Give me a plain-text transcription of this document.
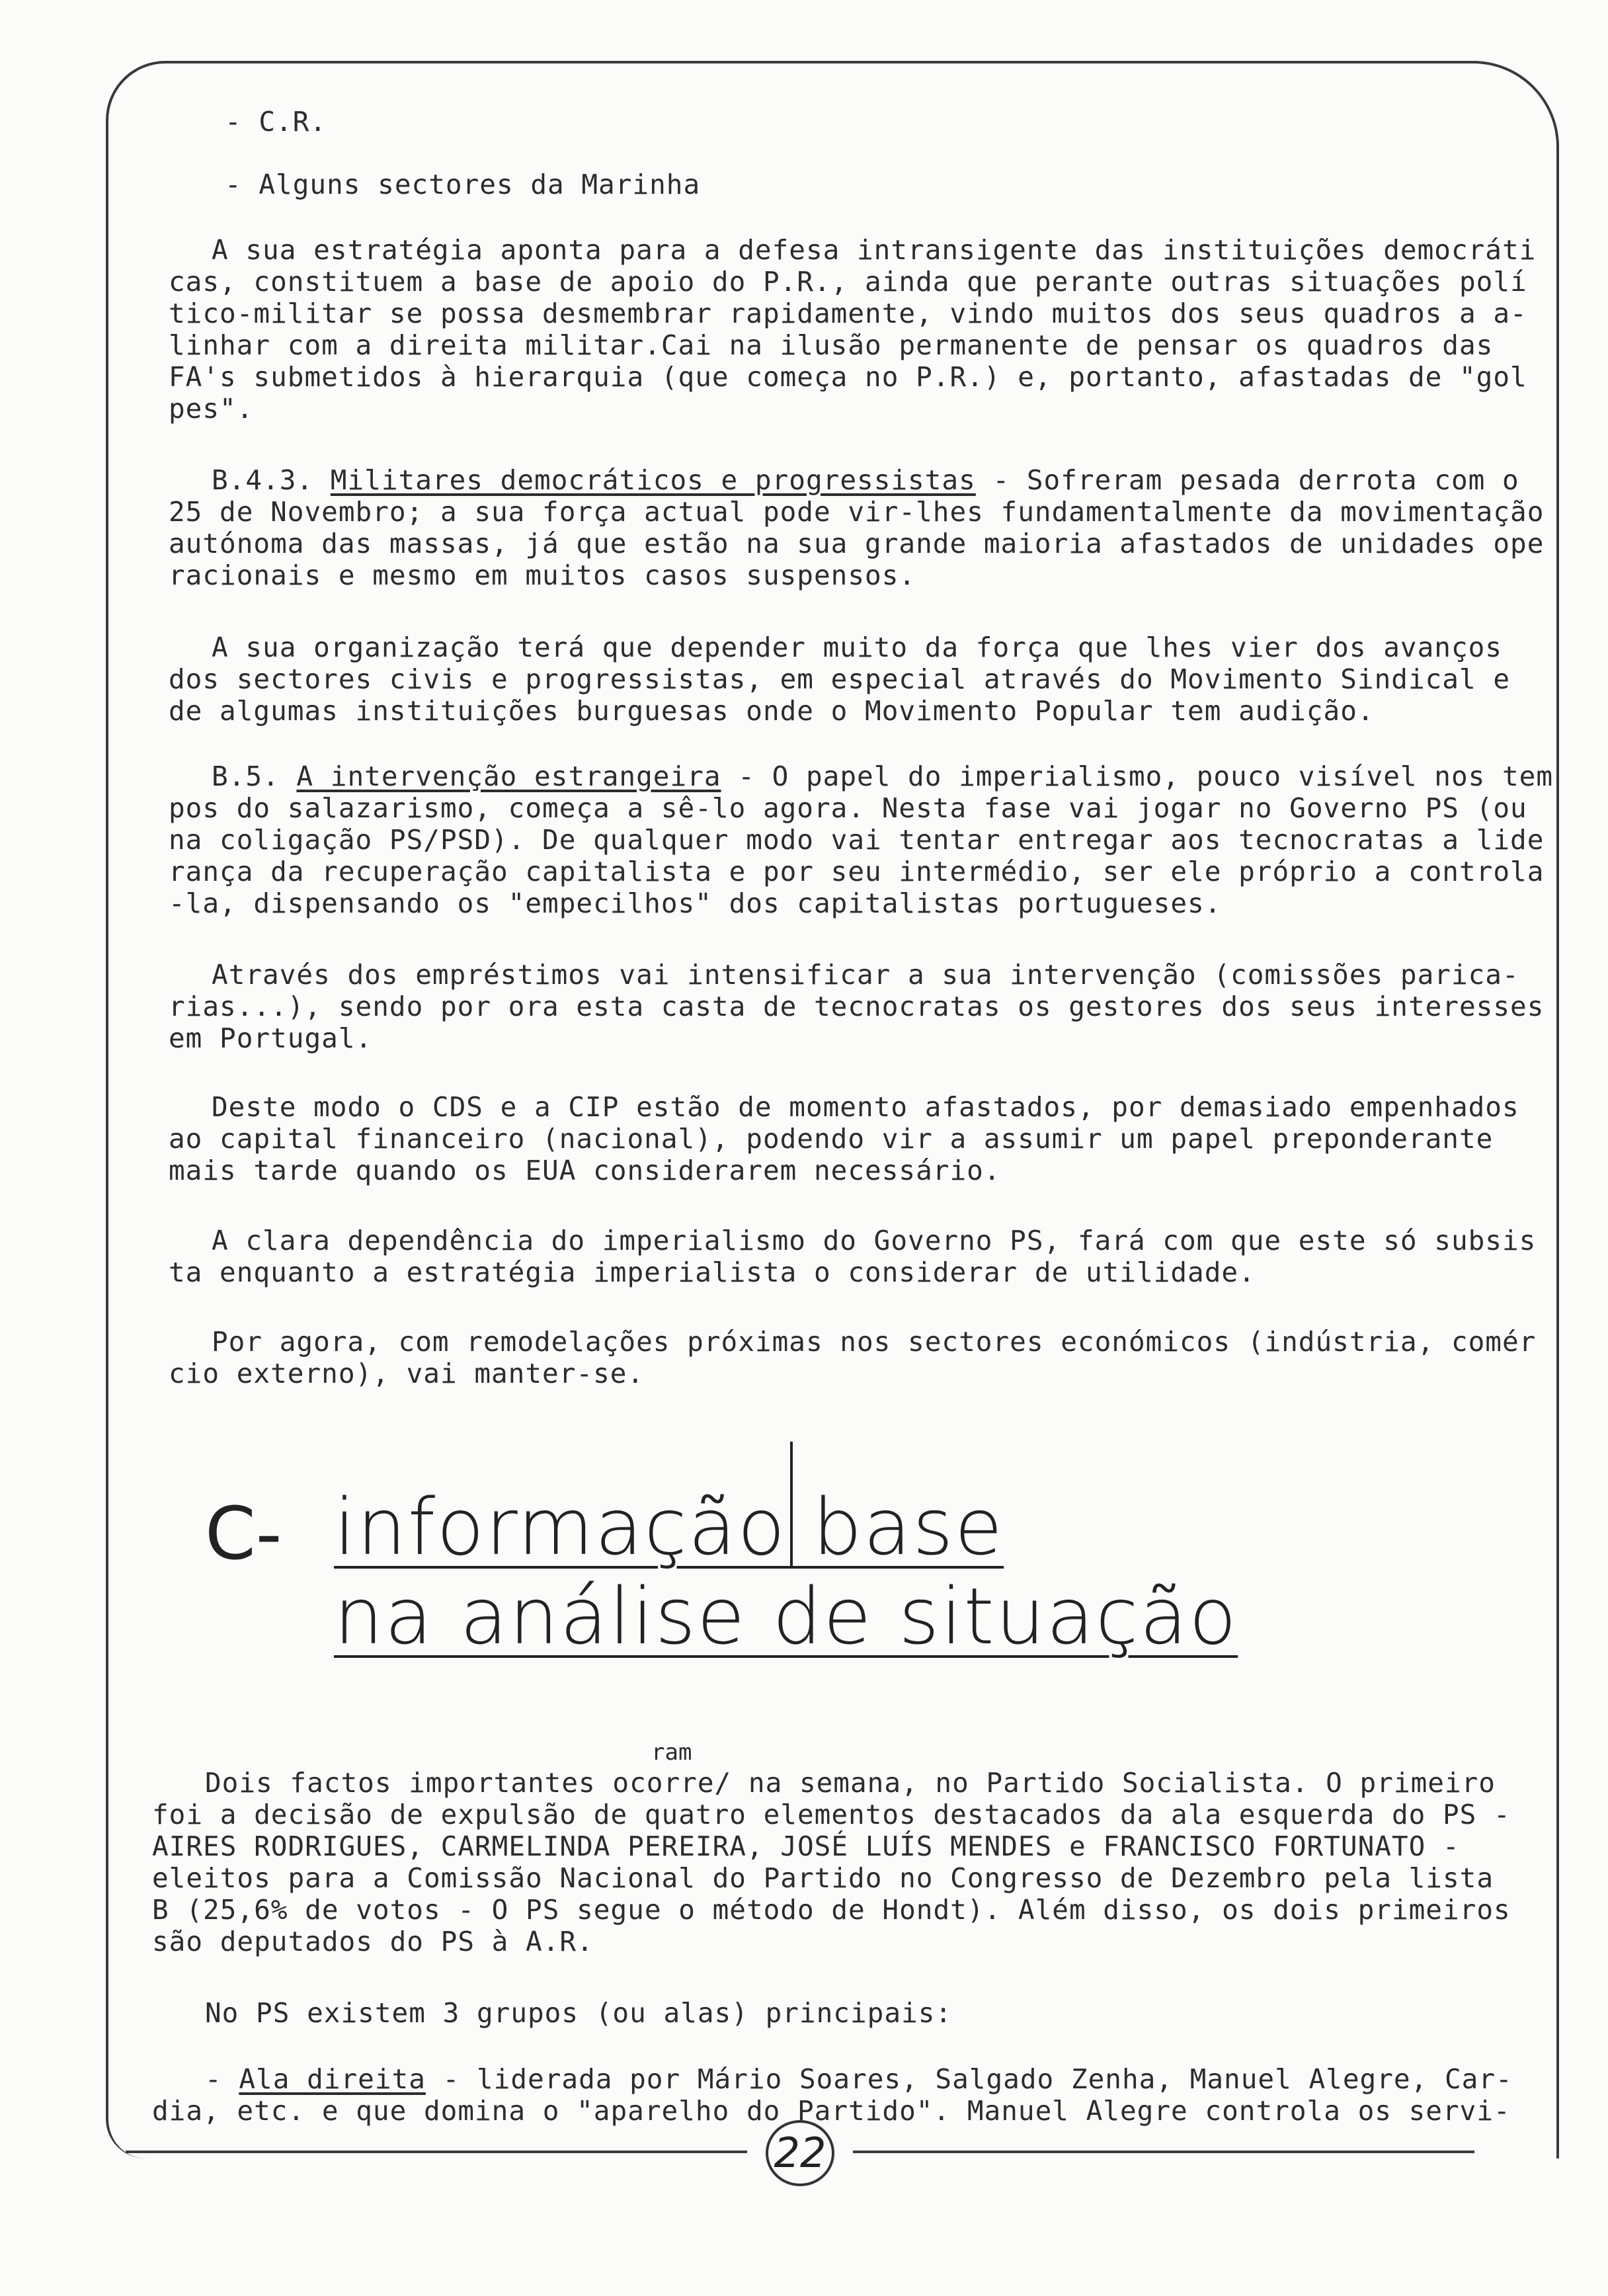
- C.R.
- Alguns sectores da Marinha
A sua estratégia aponta para a defesa intransigente das instituições democráti
cas, constituem a base de apoio do P.R., ainda que perante outras situações polí
tico-militar se possa desmembrar rapidamente, vindo muitos dos seus quadros a a-
linhar com a direita militar.Cai na ilusão permanente de pensar os quadros das
FA's submetidos à hierarquia (que começa no P.R.) e, portanto, afastadas de "gol
pes".
B.4.3. Militares democráticos e progressistas - Sofreram pesada derrota com o
25 de Novembro; a sua força actual pode vir-lhes fundamentalmente da movimentação
autónoma das massas, já que estão na sua grande maioria afastados de unidades ope
racionais e mesmo em muitos casos suspensos.
A sua organização terá que depender muito da força que lhes vier dos avanços
dos sectores civis e progressistas, em especial através do Movimento Sindical e
de algumas instituições burguesas onde o Movimento Popular tem audição.
B.5. A intervenção estrangeira - O papel do imperialismo, pouco visível nos tem
pos do salazarismo, começa a sê-lo agora. Nesta fase vai jogar no Governo PS (ou
na coligação PS/PSD). De qualquer modo vai tentar entregar aos tecnocratas a lide
rança da recuperação capitalista e por seu intermédio, ser ele próprio a controla
-la, dispensando os "empecilhos" dos capitalistas portugueses.
Através dos empréstimos vai intensificar a sua intervenção (comissões parica-
rias...), sendo por ora esta casta de tecnocratas os gestores dos seus interesses
em Portugal.
Deste modo o CDS e a CIP estão de momento afastados, por demasiado empenhados
ao capital financeiro (nacional), podendo vir a assumir um papel preponderante
mais tarde quando os EUA considerarem necessário.
A clara dependência do imperialismo do Governo PS, fará com que este só subsis
ta enquanto a estratégia imperialista o considerar de utilidade.
Por agora, com remodelações próximas nos sectores económicos (indústria, comér
cio externo), vai manter-se.
C- informação base
na análise de situação
ram
Dois factos importantes ocorre/ na semana, no Partido Socialista. O primeiro
foi a decisão de expulsão de quatro elementos destacados da ala esquerda do PS -
AIRES RODRIGUES, CARMELINDA PEREIRA, JOSÉ LUÍS MENDES e FRANCISCO FORTUNATO -
eleitos para a Comissão Nacional do Partido no Congresso de Dezembro pela lista
B (25,6% de votos - O PS segue o método de Hondt). Além disso, os dois primeiros
são deputados do PS à A.R.
No PS existem 3 grupos (ou alas) principais:
- Ala direita - liderada por Mário Soares, Salgado Zenha, Manuel Alegre, Car-
dia, etc. e que domina o "aparelho do Partido". Manuel Alegre controla os servi-
22
